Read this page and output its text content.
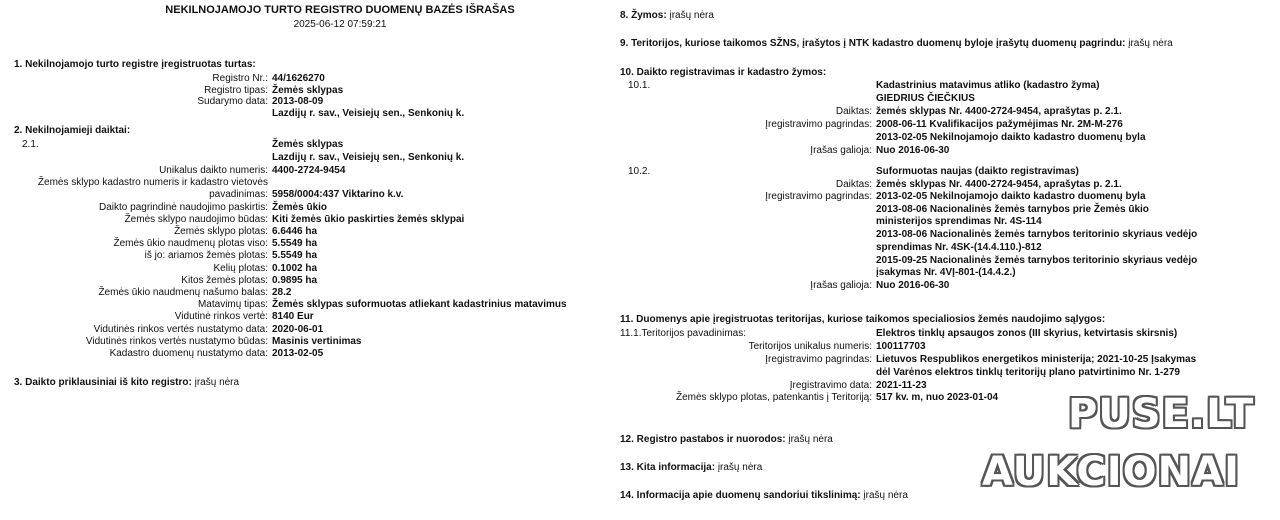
NEKILNOJAMOJO TURTO REGISTRO DUOMENŲ BAZĖS IŠRAŠAS
2025-06-12 07:59:21
1. Nekilnojamojo turto registre įregistruotas turtas:
Registro Nr.: 44/1626270
Registro tipas: Žemės sklypas
Sudarymo data: 2013-08-09
Lazdijų r. sav., Veisiejų sen., Senkonių k.
2. Nekilnojamieji daiktai:
2.1.	Žemės sklypas
Lazdijų r. sav., Veisiejų sen., Senkonių k.
Unikalus daikto numeris: 4400-2724-9454
Žemės sklypo kadastro numeris ir kadastro vietovės
pavadinimas: 5958/0004:437 Viktarino k.v.
Daikto pagrindinė naudojimo paskirtis: Žemės ūkio
Žemės sklypo naudojimo būdas: Kiti žemės ūkio paskirties žemės sklypai
Žemės sklypo plotas: 6.6446 ha
Žemės ūkio naudmenų plotas viso: 5.5549 ha
iš jo: ariamos žemės plotas: 5.5549 ha
Kelių plotas: 0.1002 ha
Kitos žemės plotas: 0.9895 ha
Žemės ūkio naudmenų našumo balas: 28.2
Matavimų tipas: Žemės sklypas suformuotas atliekant kadastrinius matavimus
Vidutinė rinkos vertė: 8140 Eur
Vidutinės rinkos vertės nustatymo data: 2020-06-01
Vidutinės rinkos vertės nustatymo būdas: Masinis vertinimas
Kadastro duomenų nustatymo data: 2013-02-05
3. Daikto priklausiniai iš kito registro: įrašų nėra
8. Žymos: įrašų nėra
9. Teritorijos, kuriose taikomos SŽNS, įrašytos į NTK kadastro duomenų byloje įrašytų duomenų pagrindu: įrašų nėra
10. Daikto registravimas ir kadastro žymos:
10.1.	Kadastrinius matavimus atliko (kadastro žyma)
GIEDRIUS ČIEČKIUS
Daiktas: žemės sklypas Nr. 4400-2724-9454, aprašytas p. 2.1.
Įregistravimo pagrindas: 2008-06-11 Kvalifikacijos pažymėjimas Nr. 2M-M-276
2013-02-05 Nekilnojamojo daikto kadastro duomenų byla
Įrašas galioja: Nuo 2016-06-30
10.2.	Suformuotas naujas (daikto registravimas)
Daiktas: žemės sklypas Nr. 4400-2724-9454, aprašytas p. 2.1.
Įregistravimo pagrindas: 2013-02-05 Nekilnojamojo daikto kadastro duomenų byla
2013-08-06 Nacionalinės žemės tarnybos prie Žemės ūkio
ministerijos sprendimas Nr. 4S-114
2013-08-06 Nacionalinės žemės tarnybos teritorinio skyriaus vedėjo
sprendimas Nr. 4SK-(14.4.110.)-812
2015-09-25 Nacionalinės žemės tarnybos teritorinio skyriaus vedėjo
įsakymas Nr. 4VĮ-801-(14.4.2.)
Įrašas galioja: Nuo 2016-06-30
11. Duomenys apie įregistruotas teritorijas, kuriose taikomos specialiosios žemės naudojimo sąlygos:
11.1.Teritorijos pavadinimas:	Elektros tinklų apsaugos zonos (III skyrius, ketvirtasis skirsnis)
Teritorijos unikalus numeris: 100117703
Įregistravimo pagrindas: Lietuvos Respublikos energetikos ministerija; 2021-10-25 Įsakymas
dėl Varėnos elektros tinklų teritorijų plano patvirtinimo Nr. 1-279
Įregistravimo data: 2021-11-23
Žemės sklypo plotas, patenkantis į Teritoriją: 517 kv. m, nuo 2023-01-04
12. Registro pastabos ir nuorodos: įrašų nėra
13. Kita informacija: įrašų nėra
14. Informacija apie duomenų sandoriui tikslinimą: įrašų nėra
PUSE.LT
AUKCIONAI
